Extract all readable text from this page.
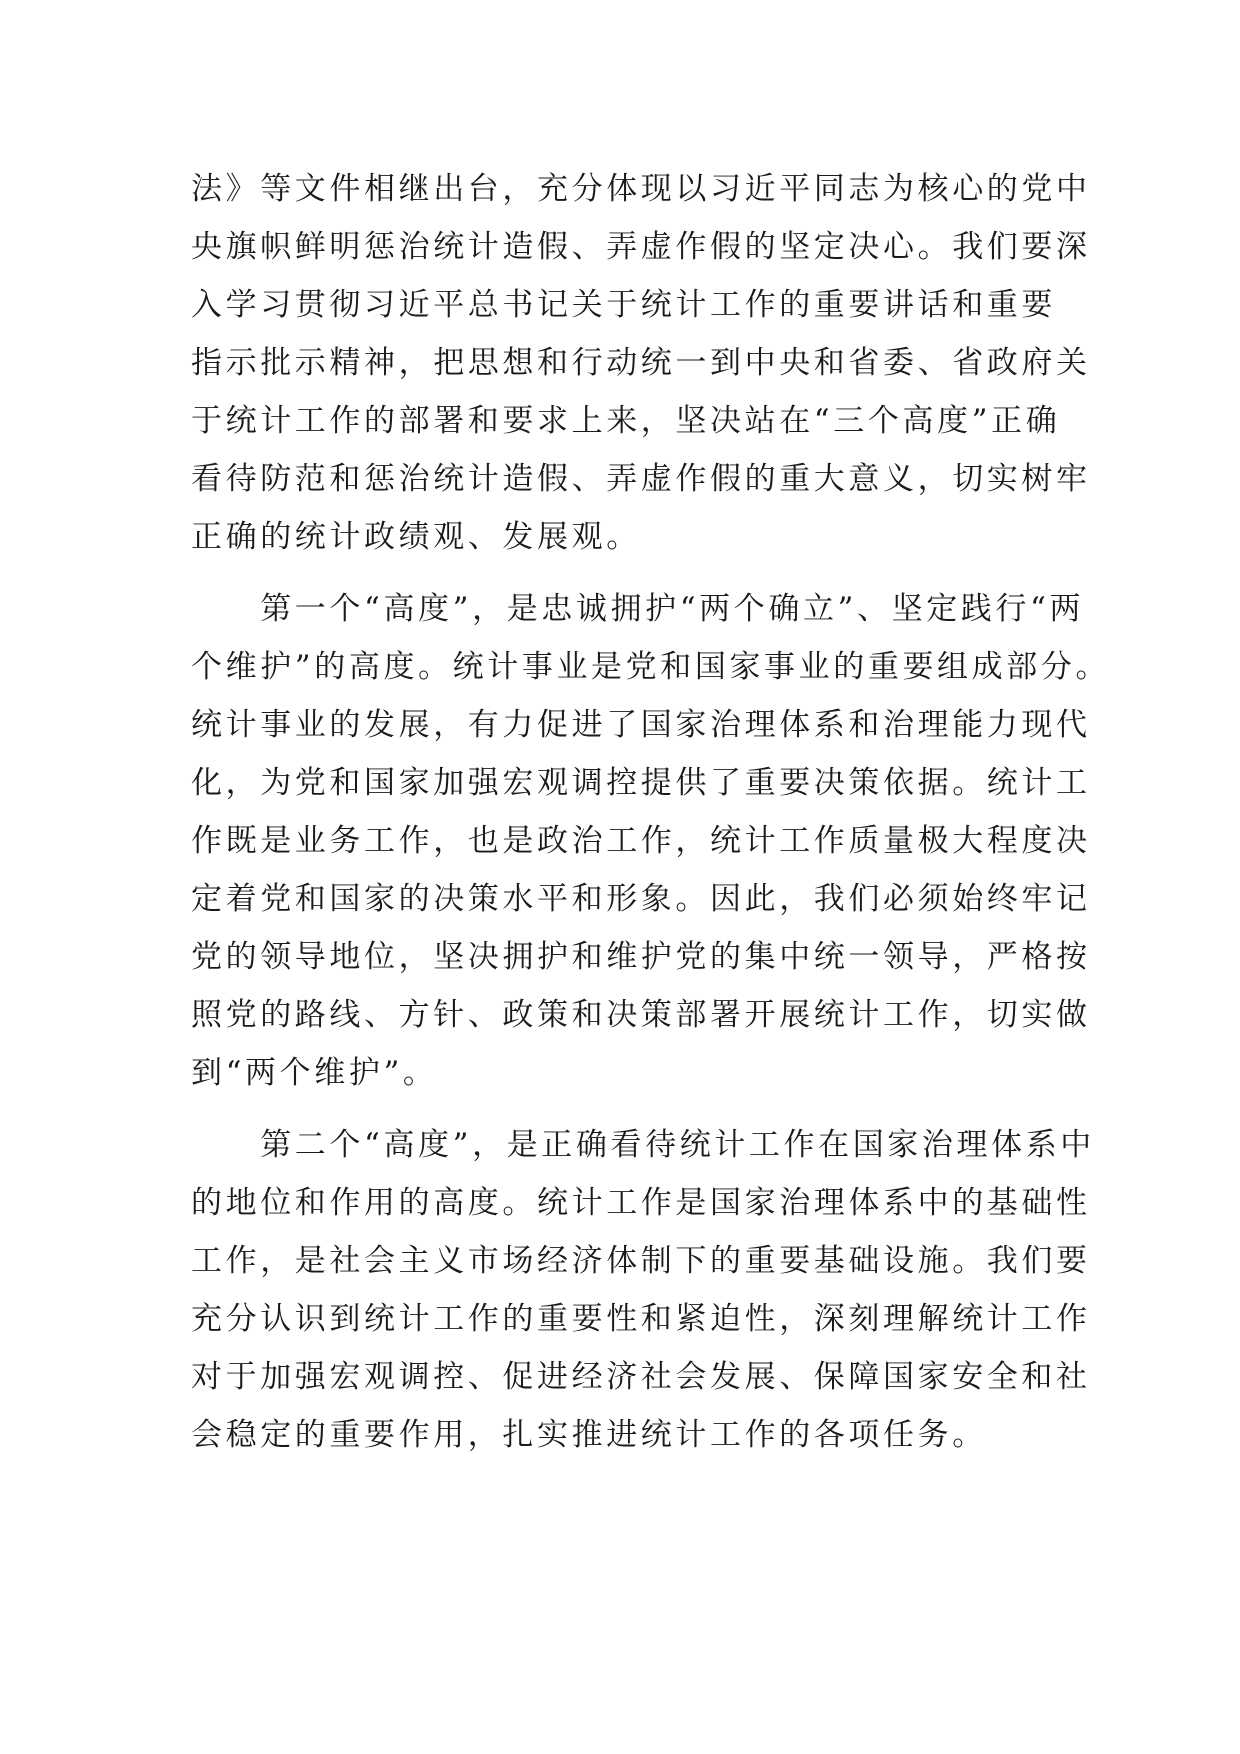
法》等文件相继出台，充分体现以习近平同志为核心的党中
央旗帜鲜明惩治统计造假、弄虚作假的坚定决心。我们要深
入学习贯彻习近平总书记关于统计工作的重要讲话和重要
指示批示精神，把思想和行动统一到中央和省委、省政府关
于统计工作的部署和要求上来，坚决站在“三个高度”正确
看待防范和惩治统计造假、弄虚作假的重大意义，切实树牢
正确的统计政绩观、发展观。
　　第一个“高度”，是忠诚拥护“两个确立”、坚定践行“两
个维护”的高度。统计事业是党和国家事业的重要组成部分。
统计事业的发展，有力促进了国家治理体系和治理能力现代
化，为党和国家加强宏观调控提供了重要决策依据。统计工
作既是业务工作，也是政治工作，统计工作质量极大程度决
定着党和国家的决策水平和形象。因此，我们必须始终牢记
党的领导地位，坚决拥护和维护党的集中统一领导，严格按
照党的路线、方针、政策和决策部署开展统计工作，切实做
到“两个维护”。
　　第二个“高度”，是正确看待统计工作在国家治理体系中
的地位和作用的高度。统计工作是国家治理体系中的基础性
工作，是社会主义市场经济体制下的重要基础设施。我们要
充分认识到统计工作的重要性和紧迫性，深刻理解统计工作
对于加强宏观调控、促进经济社会发展、保障国家安全和社
会稳定的重要作用，扎实推进统计工作的各项任务。
